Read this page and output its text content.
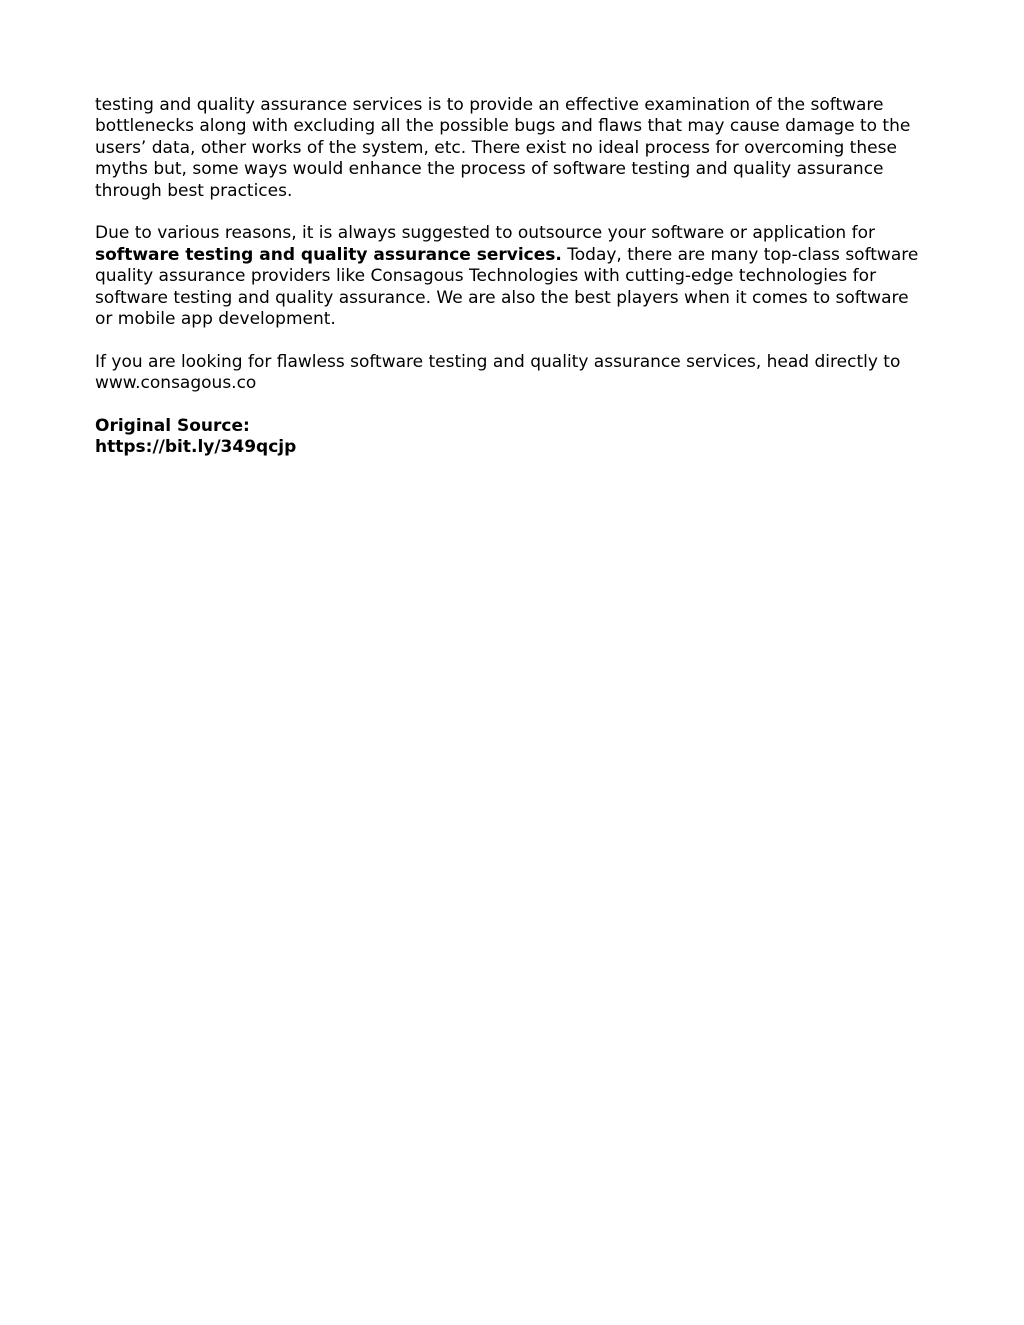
testing and quality assurance services is to provide an effective examination of the software bottlenecks along with excluding all the possible bugs and flaws that may cause damage to the users’ data, other works of the system, etc. There exist no ideal process for overcoming these myths but, some ways would enhance the process of software testing and quality assurance through best practices.

Due to various reasons, it is always suggested to outsource your software or application for software testing and quality assurance services. Today, there are many top-class software quality assurance providers like Consagous Technologies with cutting-edge technologies for software testing and quality assurance. We are also the best players when it comes to software or mobile app development.

If you are looking for flawless software testing and quality assurance services, head directly to www.consagous.co

Original Source:
https://bit.ly/349qcjp
